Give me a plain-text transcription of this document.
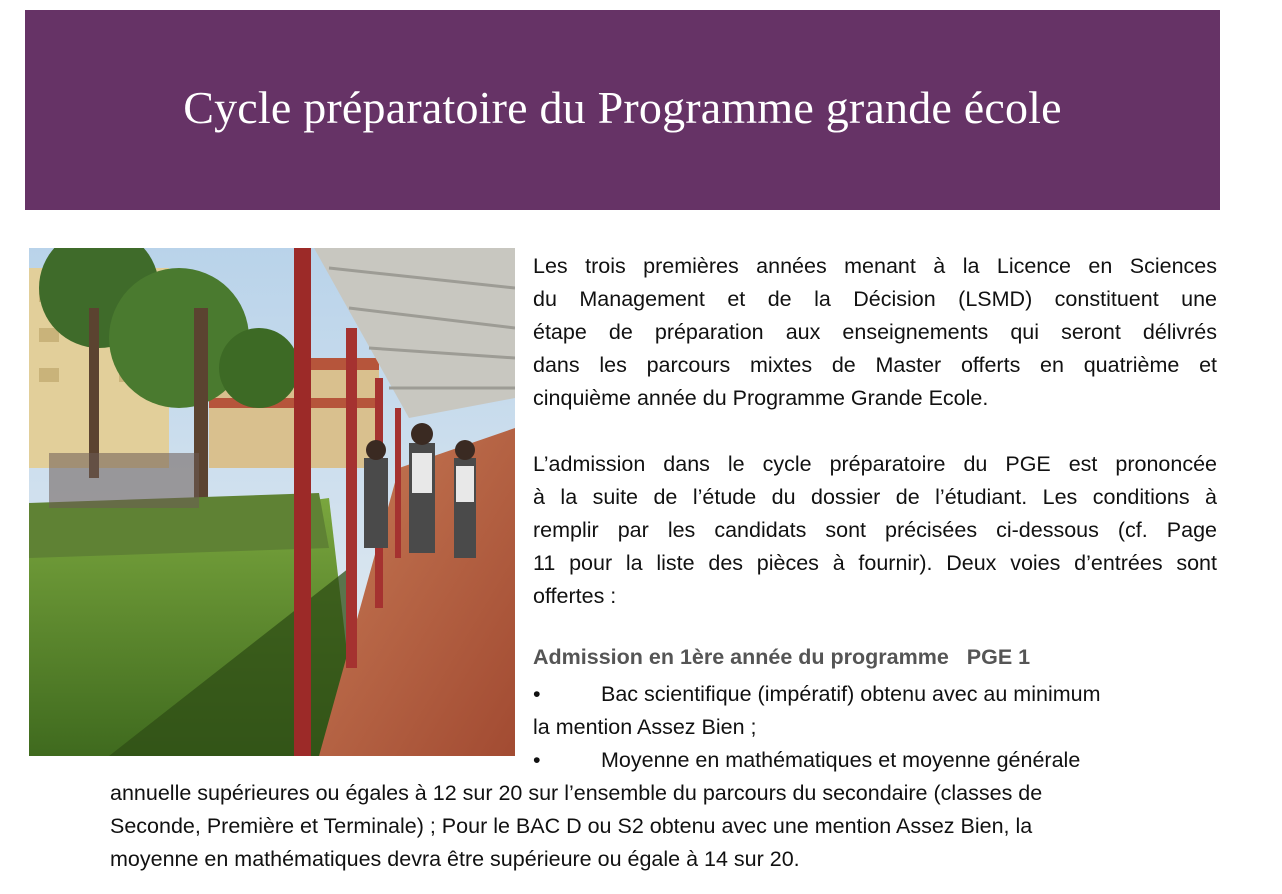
Cycle préparatoire du Programme grande école
Les trois premières années menant à la Licence en Sciences
du Management et de la Décision (LSMD) constituent une
étape de préparation aux enseignements qui seront délivrés
dans les parcours mixtes de Master offerts en quatrième et
cinquième année du Programme Grande Ecole.
L’admission dans le cycle préparatoire du PGE est prononcée
à la suite de l’étude du dossier de l’étudiant. Les conditions à
remplir par les candidats sont précisées ci-dessous (cf. Page
11 pour la liste des pièces à fournir). Deux voies d’entrées sont
offertes :
Admission en 1ère année du programme PGE 1
•	Bac scientifique (impératif) obtenu avec au minimum
la mention Assez Bien ;
•	Moyenne en mathématiques et moyenne générale
annuelle supérieures ou égales à 12 sur 20 sur l’ensemble du parcours du secondaire (classes de
Seconde, Première et Terminale) ; Pour le BAC D ou S2 obtenu avec une mention Assez Bien, la
moyenne en mathématiques devra être supérieure ou égale à 14 sur 20.
